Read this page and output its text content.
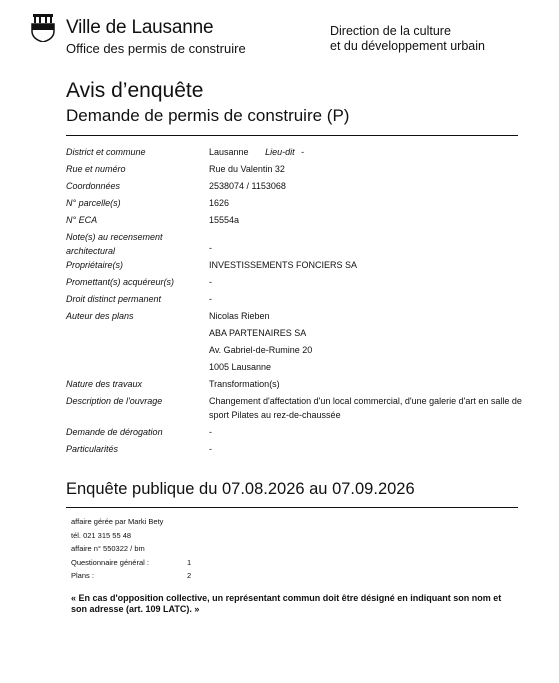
Ville de Lausanne
Office des permis de construire
Direction de la culture
et du développement urbain
Avis d’enquête
Demande de permis de construire (P)
District et commune	Lausanne Lieu-dit -
Rue et numéro	Rue du Valentin 32
Coordonnées	2538074 / 1153068
N° parcelle(s)	1626
N° ECA	15554a
Note(s) au recensement architectural	-
Propriétaire(s)	INVESTISSEMENTS FONCIERS SA
Promettant(s) acquéreur(s)	-
Droit distinct permanent	-
Auteur des plans	Nicolas Rieben
ABA PARTENAIRES SA
Av. Gabriel-de-Rumine 20
1005 Lausanne
Nature des travaux	Transformation(s)
Description de l'ouvrage	Changement d'affectation d'un local commercial, d'une galerie d'art en salle de sport Pilates au rez-de-chaussée
Demande de dérogation	-
Particularités	-
Enquête publique du 07.08.2026 au 07.09.2026
affaire gérée par Marki Bety
tél. 021 315 55 48
affaire n° 550322 / bm
Questionnaire général :	1
Plans :	2
« En cas d'opposition collective, un représentant commun doit être désigné en indiquant son nom et son adresse (art. 109 LATC). »
